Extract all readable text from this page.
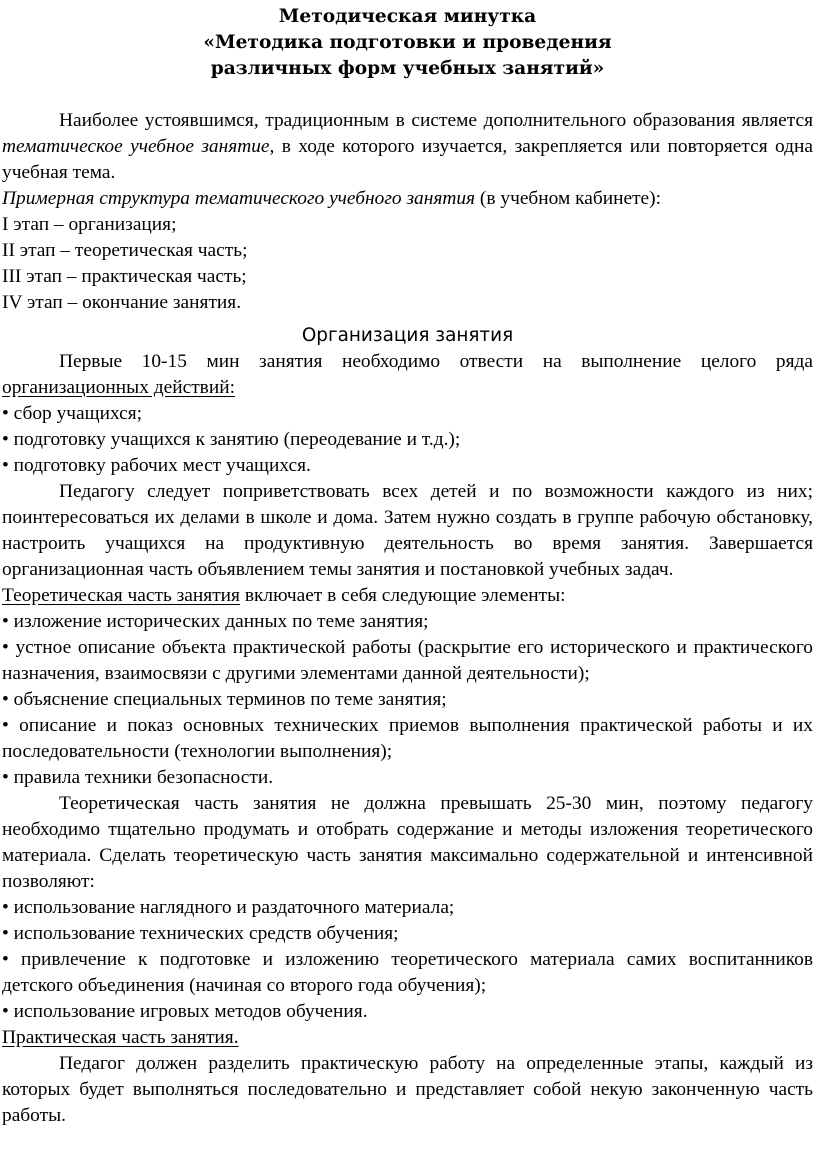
Методическая минутка
«Методика подготовки и проведения
различных форм учебных занятий»

Наиболее устоявшимся, традиционным в системе дополнительного образования является тематическое учебное занятие, в ходе которого изучается, закрепляется или повторяется одна учебная тема.

Примерная структура тематического учебного занятия (в учебном кабинете):

I этап – организация;

II этап – теоретическая часть;

III этап – практическая часть;

IV этап – окончание занятия.

Организация занятия

Первые 10-15 мин занятия необходимо отвести на выполнение целого ряда организационных действий:

• сбор учащихся;

• подготовку учащихся к занятию (переодевание и т.д.);

• подготовку рабочих мест учащихся.

Педагогу следует поприветствовать всех детей и по возможности каждого из них; поинтересоваться их делами в школе и дома. Затем нужно создать в группе рабочую обстановку, настроить учащихся на продуктивную деятельность во время занятия. Завершается организационная часть объявлением темы занятия и постановкой учебных задач.

Теоретическая часть занятия включает в себя следующие элементы:

• изложение исторических данных по теме занятия;

• устное описание объекта практической работы (раскрытие его исторического и практического назначения, взаимосвязи с другими элементами данной деятельности);

• объяснение специальных терминов по теме занятия;

• описание и показ основных технических приемов выполнения практической работы и их последовательности (технологии выполнения);

• правила техники безопасности.

Теоретическая часть занятия не должна превышать 25-30 мин, поэтому педагогу необходимо тщательно продумать и отобрать содержание и методы изложения теоретического материала. Сделать теоретическую часть занятия максимально содержательной и интенсивной позволяют:

• использование наглядного и раздаточного материала;

• использование технических средств обучения;

• привлечение к подготовке и изложению теоретического материала самих воспитанников детского объединения (начиная со второго года обучения);

• использование игровых методов обучения.

Практическая часть занятия.

Педагог должен разделить практическую работу на определенные этапы, каждый из которых будет выполняться последовательно и представляет собой некую законченную часть работы.
